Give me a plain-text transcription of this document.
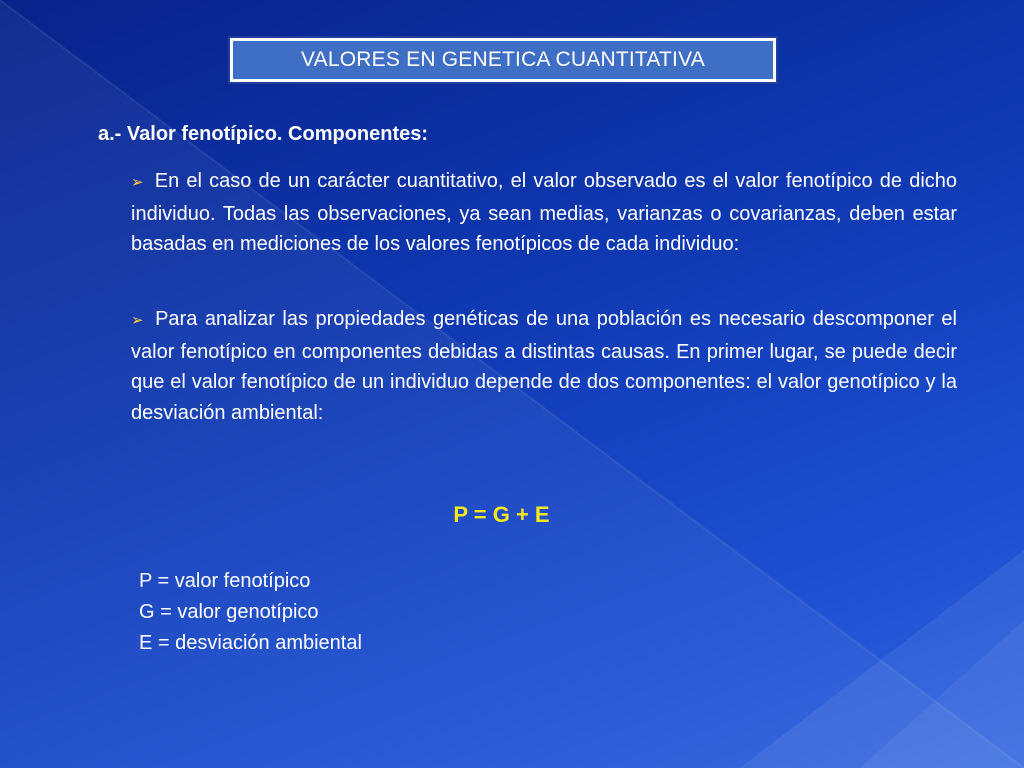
VALORES EN GENETICA CUANTITATIVA
a.- Valor fenotípico. Componentes:
➢ En el caso de un carácter cuantitativo, el valor observado es el valor fenotípico de dicho individuo. Todas las observaciones, ya sean medias, varianzas o covarianzas, deben estar basadas en mediciones de los valores fenotípicos de cada individuo:
➢ Para analizar las propiedades genéticas de una población es necesario descomponer el valor fenotípico en componentes debidas a distintas causas. En primer lugar, se puede decir que el valor fenotípico de un individuo depende de dos componentes: el valor genotípico y la desviación ambiental:
P = G + E
P = valor fenotípico
G = valor genotípico
E = desviación ambiental
